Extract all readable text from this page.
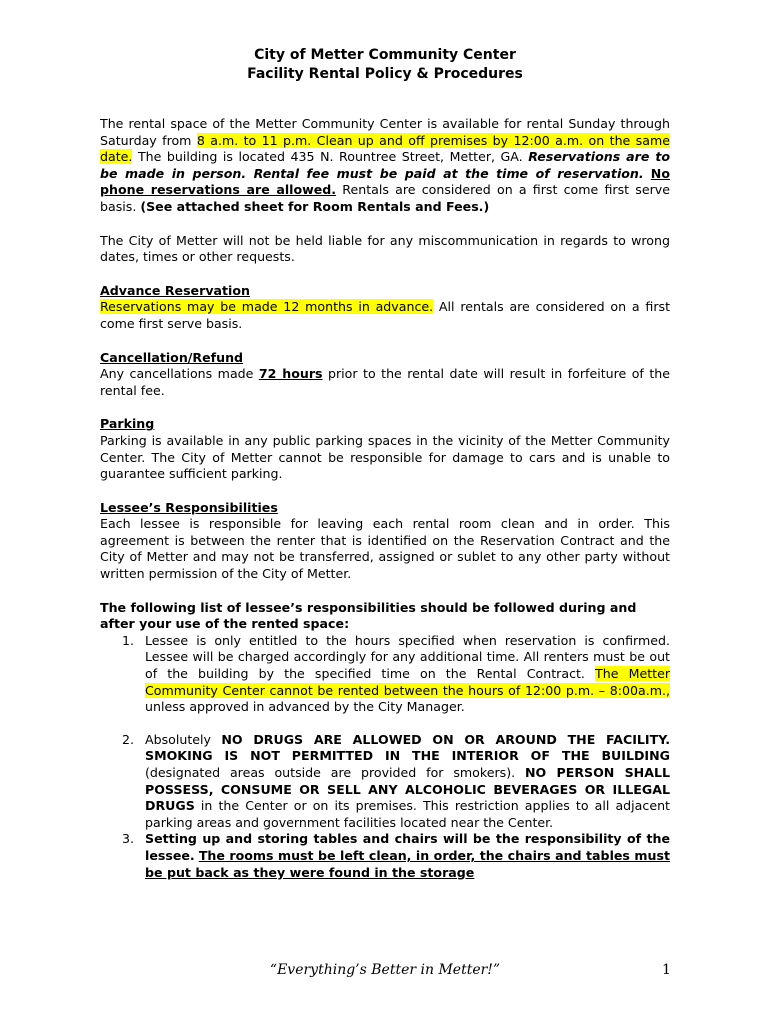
City of Metter Community Center

Facility Rental Policy & Procedures

The rental space of the Metter Community Center is available for rental Sunday through Saturday from 8 a.m. to 11 p.m. Clean up and off premises by 12:00 a.m. on the same date. The building is located 435 N. Rountree Street, Metter, GA. Reservations are to be made in person. Rental fee must be paid at the time of reservation. No phone reservations are allowed. Rentals are considered on a first come first serve basis. (See attached sheet for Room Rentals and Fees.)

The City of Metter will not be held liable for any miscommunication in regards to wrong dates, times or other requests.

Advance Reservation

Reservations may be made 12 months in advance. All rentals are considered on a first come first serve basis.

Cancellation/Refund

Any cancellations made 72 hours prior to the rental date will result in forfeiture of the rental fee.

Parking

Parking is available in any public parking spaces in the vicinity of the Metter Community Center. The City of Metter cannot be responsible for damage to cars and is unable to guarantee sufficient parking.

Lessee’s Responsibilities

Each lessee is responsible for leaving each rental room clean and in order. This agreement is between the renter that is identified on the Reservation Contract and the City of Metter and may not be transferred, assigned or sublet to any other party without written permission of the City of Metter.

The following list of lessee’s responsibilities should be followed during and after your use of the rented space:

1. Lessee is only entitled to the hours specified when reservation is confirmed. Lessee will be charged accordingly for any additional time. All renters must be out of the building by the specified time on the Rental Contract. The Metter Community Center cannot be rented between the hours of 12:00 p.m. – 8:00a.m., unless approved in advanced by the City Manager.
2. Absolutely NO DRUGS ARE ALLOWED ON OR AROUND THE FACILITY. SMOKING IS NOT PERMITTED IN THE INTERIOR OF THE BUILDING (designated areas outside are provided for smokers). NO PERSON SHALL POSSESS, CONSUME OR SELL ANY ALCOHOLIC BEVERAGES OR ILLEGAL DRUGS in the Center or on its premises. This restriction applies to all adjacent parking areas and government facilities located near the Center.
3. Setting up and storing tables and chairs will be the responsibility of the lessee. The rooms must be left clean, in order, the chairs and tables must be put back as they were found in the storage
“Everything’s Better in Metter!”	1
